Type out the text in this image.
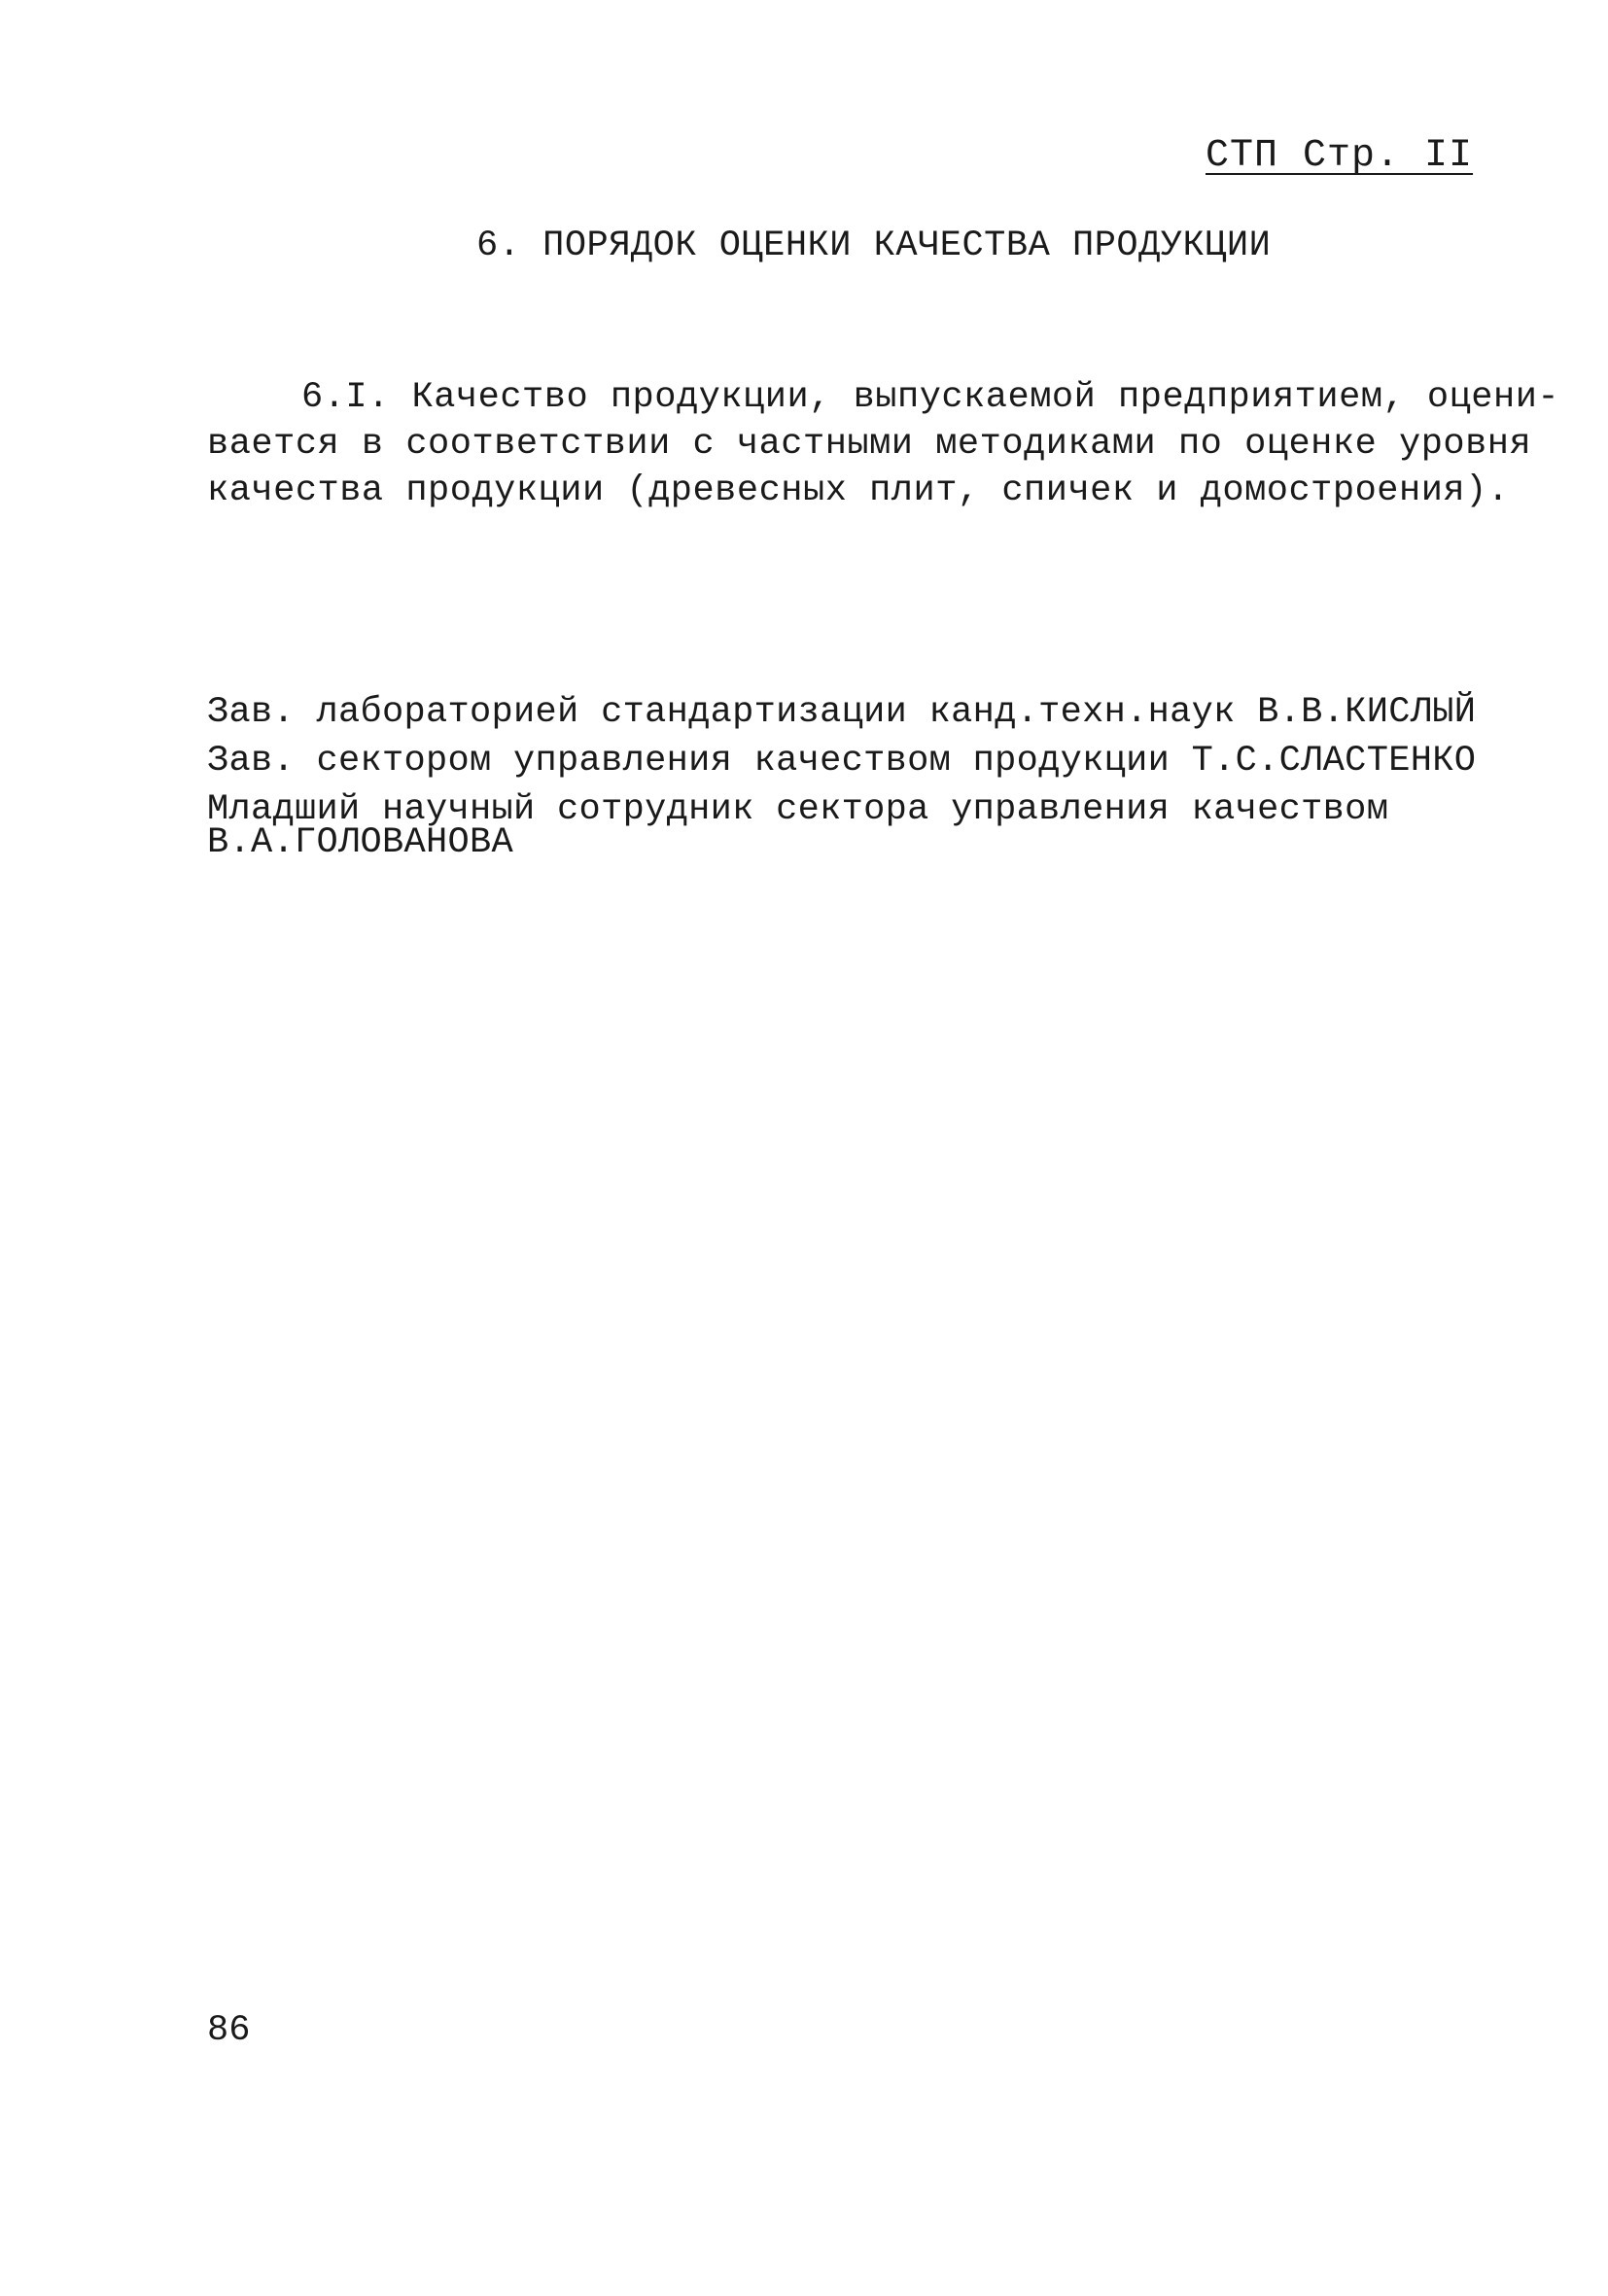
СТП Стр. II
6. ПОРЯДОК ОЦЕНКИ КАЧЕСТВА ПРОДУКЦИИ
6.I. Качество продукции, выпускаемой предприятием, оцени-
вается в соответствии с частными методиками по оценке уровня
качества продукции (древесных плит, спичек и домостроения).
Зав. лабораторией стандартизации канд.техн.наук В.В.КИСЛЫЙ
Зав. сектором управления качеством продукции Т.С.СЛАСТЕНКО
Младший научный сотрудник сектора управления качеством
В.А.ГОЛОВАНОВА
86
